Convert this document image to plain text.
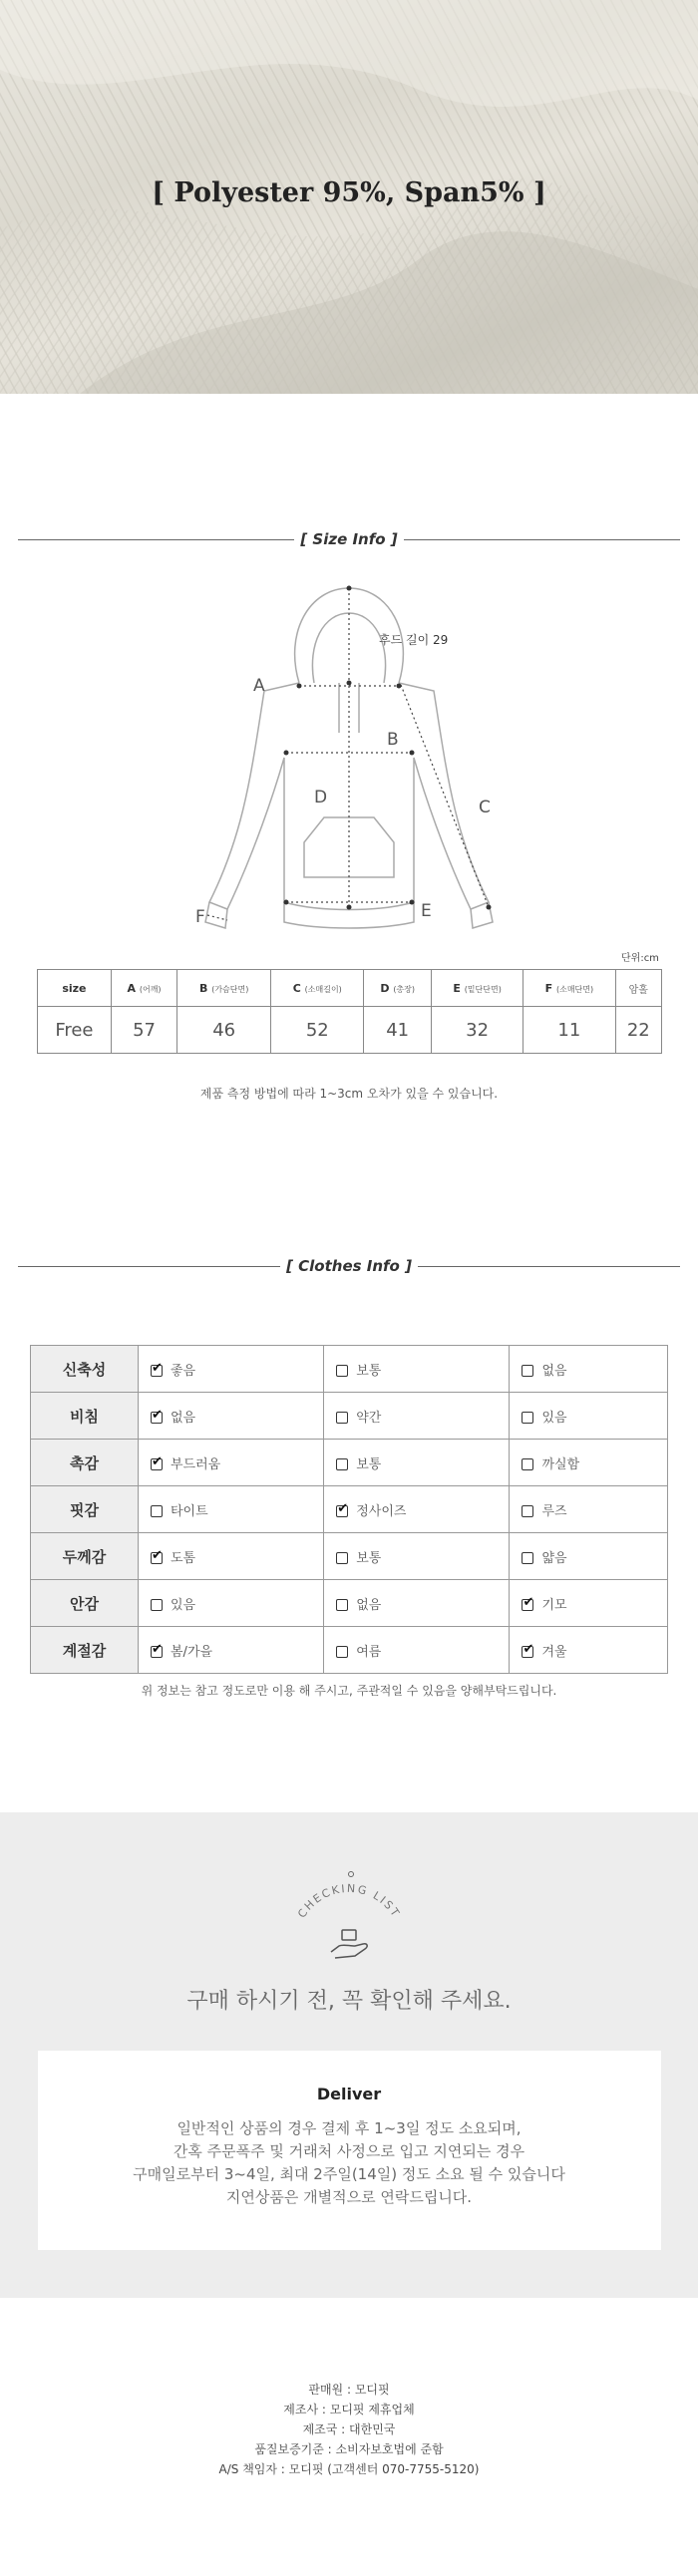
[ Polyester 95%, Span5% ]
[ Size Info ]
A
B
C
D
E
F
후드 길이 29
단위:cm
size	A (어깨)	B (가슴단면)	C (소매길이)	D (총장)	E (밑단단면)	F (소매단면)	암홀
Free	57	46	52	41	32	11	22
제품 측정 방법에 따라 1~3cm 오차가 있을 수 있습니다.
[ Clothes Info ]
신축성	✔좋음	보통	없음
비침	✔없음	약간	있음
촉감	✔부드러움	보통	까실함
핏감	타이트	✔정사이즈	루즈
두께감	✔도톰	보통	얇음
안감	있음	없음	✔기모
계절감	✔봄/가을	여름	✔겨울
위 정보는 참고 정도로만 이용 해 주시고, 주관적일 수 있음을 양해부탁드립니다.
CHECKING LIST
구매 하시기 전, 꼭 확인해 주세요.
Deliver
일반적인 상품의 경우 결제 후 1~3일 정도 소요되며,
간혹 주문폭주 및 거래처 사정으로 입고 지연되는 경우
구매일로부터 3~4일, 최대 2주일(14일) 정도 소요 될 수 있습니다
지연상품은 개별적으로 연락드립니다.
판매원 : 모디핏
제조사 : 모디핏 제휴업체
제조국 : 대한민국
품질보증기준 : 소비자보호법에 준함
A/S 책임자 : 모디핏 (고객센터 070-7755-5120)
